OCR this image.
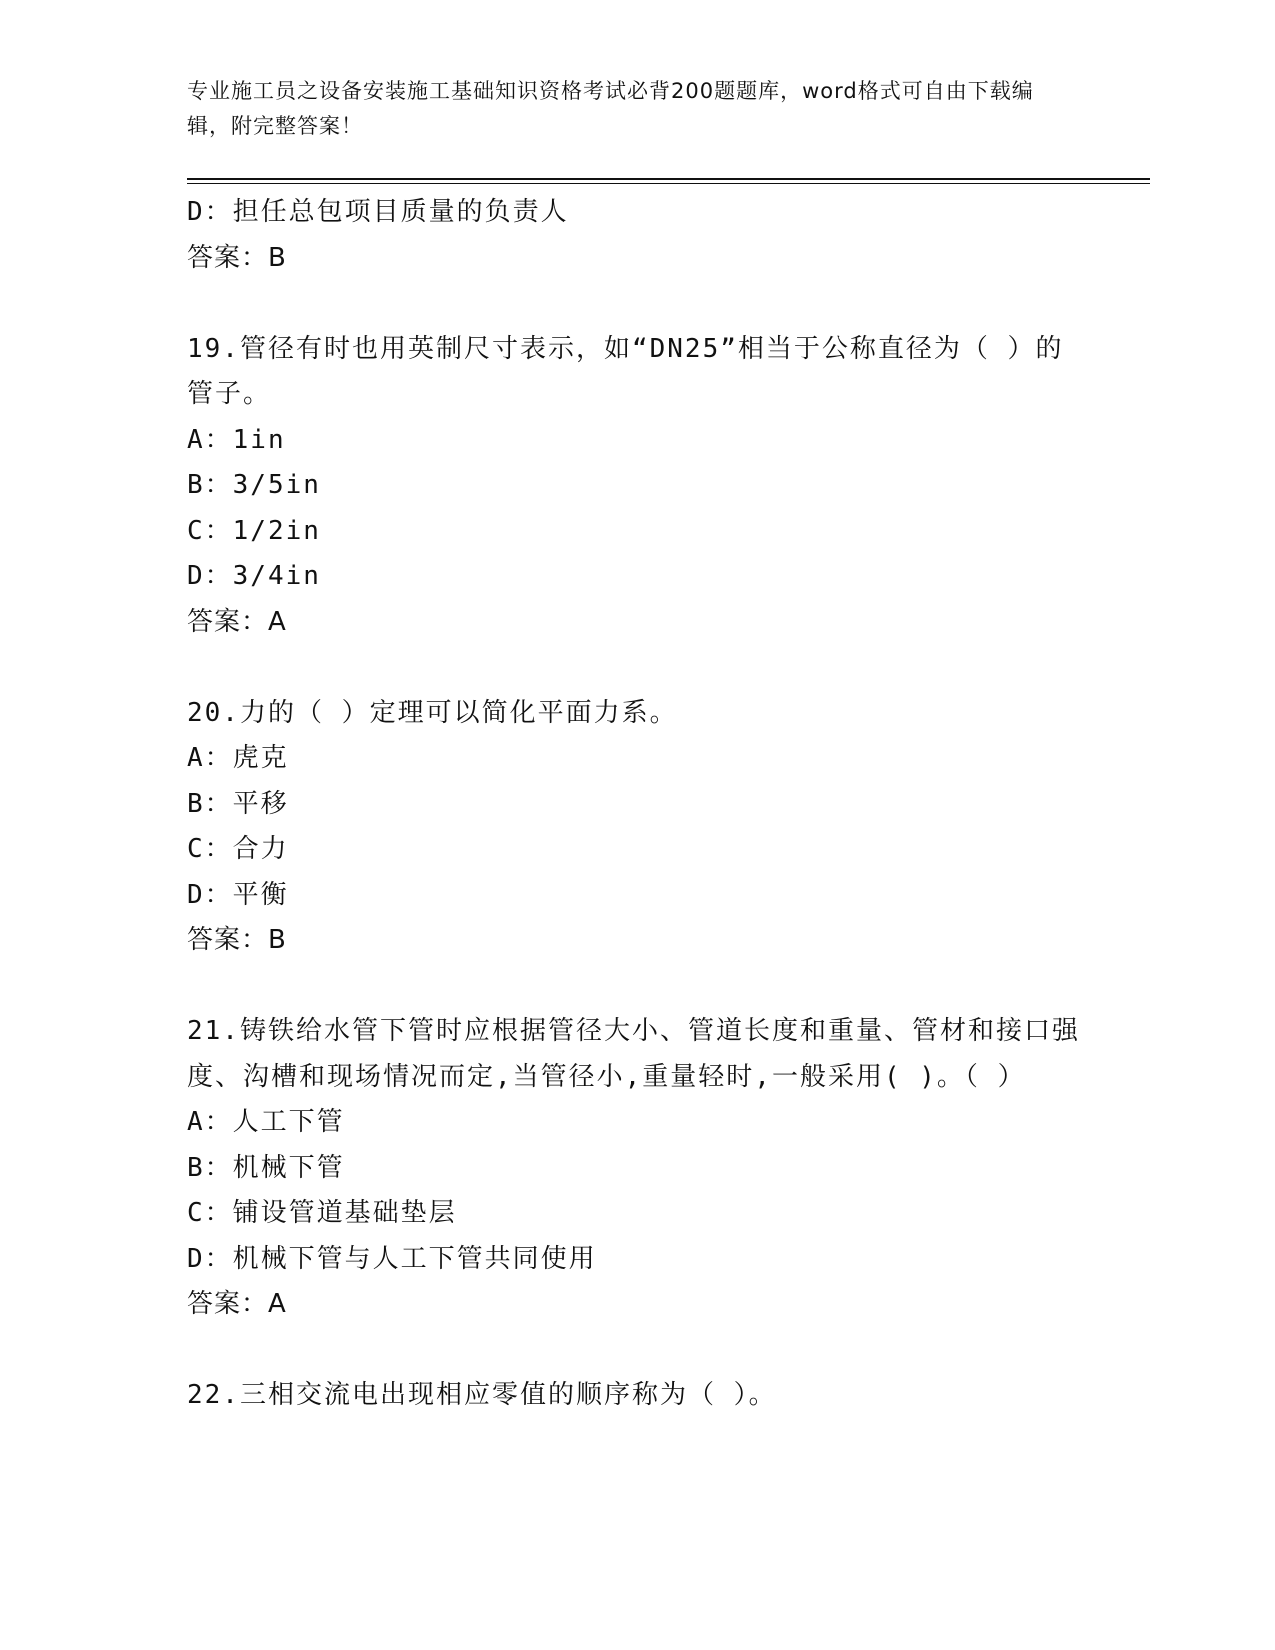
专业施工员之设备安装施工基础知识资格考试必背200题题库，word格式可自由下载编辑，附完整答案！
D：担任总包项目质量的负责人
答案：B
19.管径有时也用英制尺寸表示，如“DN25”相当于公称直径为（ ）的管子。
A：1in
B：3/5in
C：1/2in
D：3/4in
答案：A
20.力的（ ）定理可以简化平面力系。
A：虎克
B：平移
C：合力
D：平衡
答案：B
21.铸铁给水管下管时应根据管径大小、管道长度和重量、管材和接口强度、沟槽和现场情况而定,当管径小,重量轻时,一般采用( )。（ ）
A：人工下管
B：机械下管
C：铺设管道基础垫层
D：机械下管与人工下管共同使用
答案：A
22.三相交流电出现相应零值的顺序称为（ ）。
